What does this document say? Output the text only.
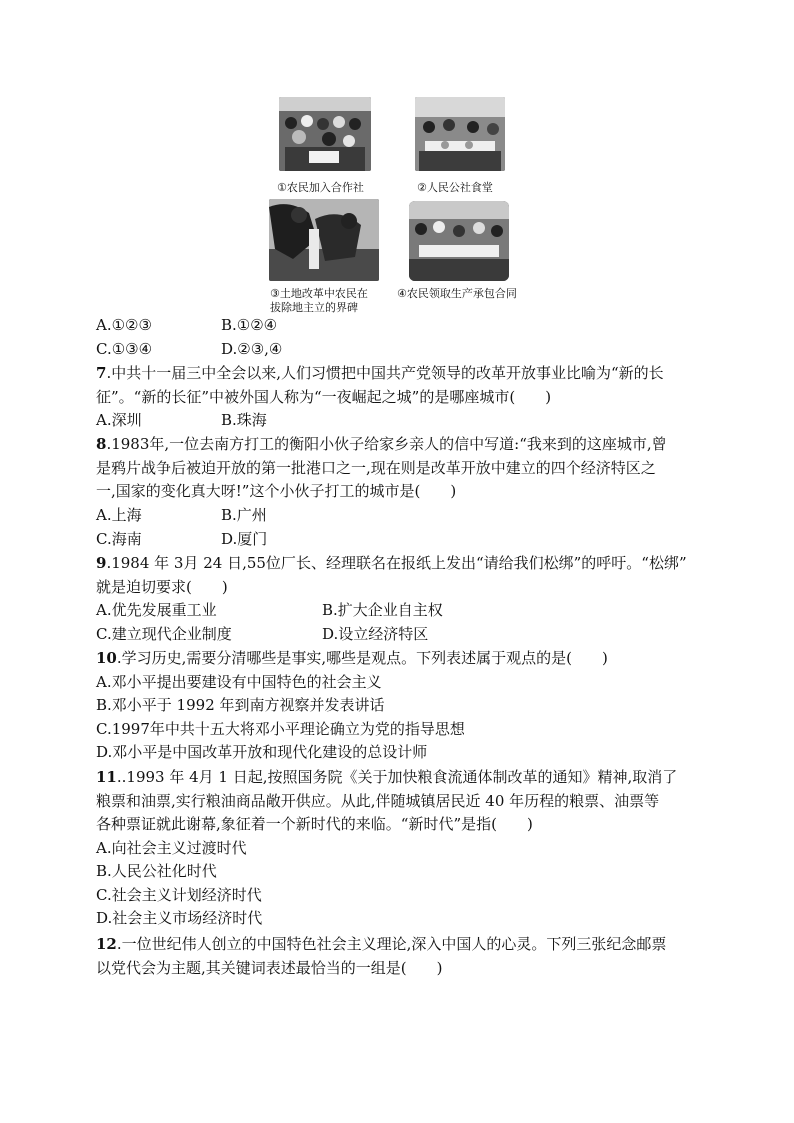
①农民加入合作社	②人民公社食堂
③土地改革中农民在
拔除地主立的界碑
④农民领取生产承包合同
A.①②③	B.①②④
C.①③④	D.②③,④
7.中共十一届三中全会以来,人们习惯把中国共产党领导的改革开放事业比喻为“新的长
征”。“新的长征”中被外国人称为“一夜崛起之城”的是哪座城市(　　)
A.深圳	B.珠海
8.1983年,一位去南方打工的衡阳小伙子给家乡亲人的信中写道:“我来到的这座城市,曾
是鸦片战争后被迫开放的第一批港口之一,现在则是改革开放中建立的四个经济特区之
一,国家的变化真大呀!”这个小伙子打工的城市是(　　)
A.上海	B.广州
C.海南	D.厦门
9.1984 年 3月 24 日,55位厂长、经理联名在报纸上发出“请给我们松绑”的呼吁。“松绑”
就是迫切要求(　　)
A.优先发展重工业	B.扩大企业自主权
C.建立现代企业制度	D.设立经济特区
10.学习历史,需要分清哪些是事实,哪些是观点。下列表述属于观点的是(　　)
A.邓小平提出要建设有中国特色的社会主义
B.邓小平于 1992 年到南方视察并发表讲话
C.1997年中共十五大将邓小平理论确立为党的指导思想
D.邓小平是中国改革开放和现代化建设的总设计师
11..1993 年 4月 1 日起,按照国务院《关于加快粮食流通体制改革的通知》精神,取消了
粮票和油票,实行粮油商品敞开供应。从此,伴随城镇居民近 40 年历程的粮票、油票等
各种票证就此谢幕,象征着一个新时代的来临。“新时代”是指(　　)
A.向社会主义过渡时代
B.人民公社化时代
C.社会主义计划经济时代
D.社会主义市场经济时代
12.一位世纪伟人创立的中国特色社会主义理论,深入中国人的心灵。下列三张纪念邮票
以党代会为主题,其关键词表述最恰当的一组是(　　)
